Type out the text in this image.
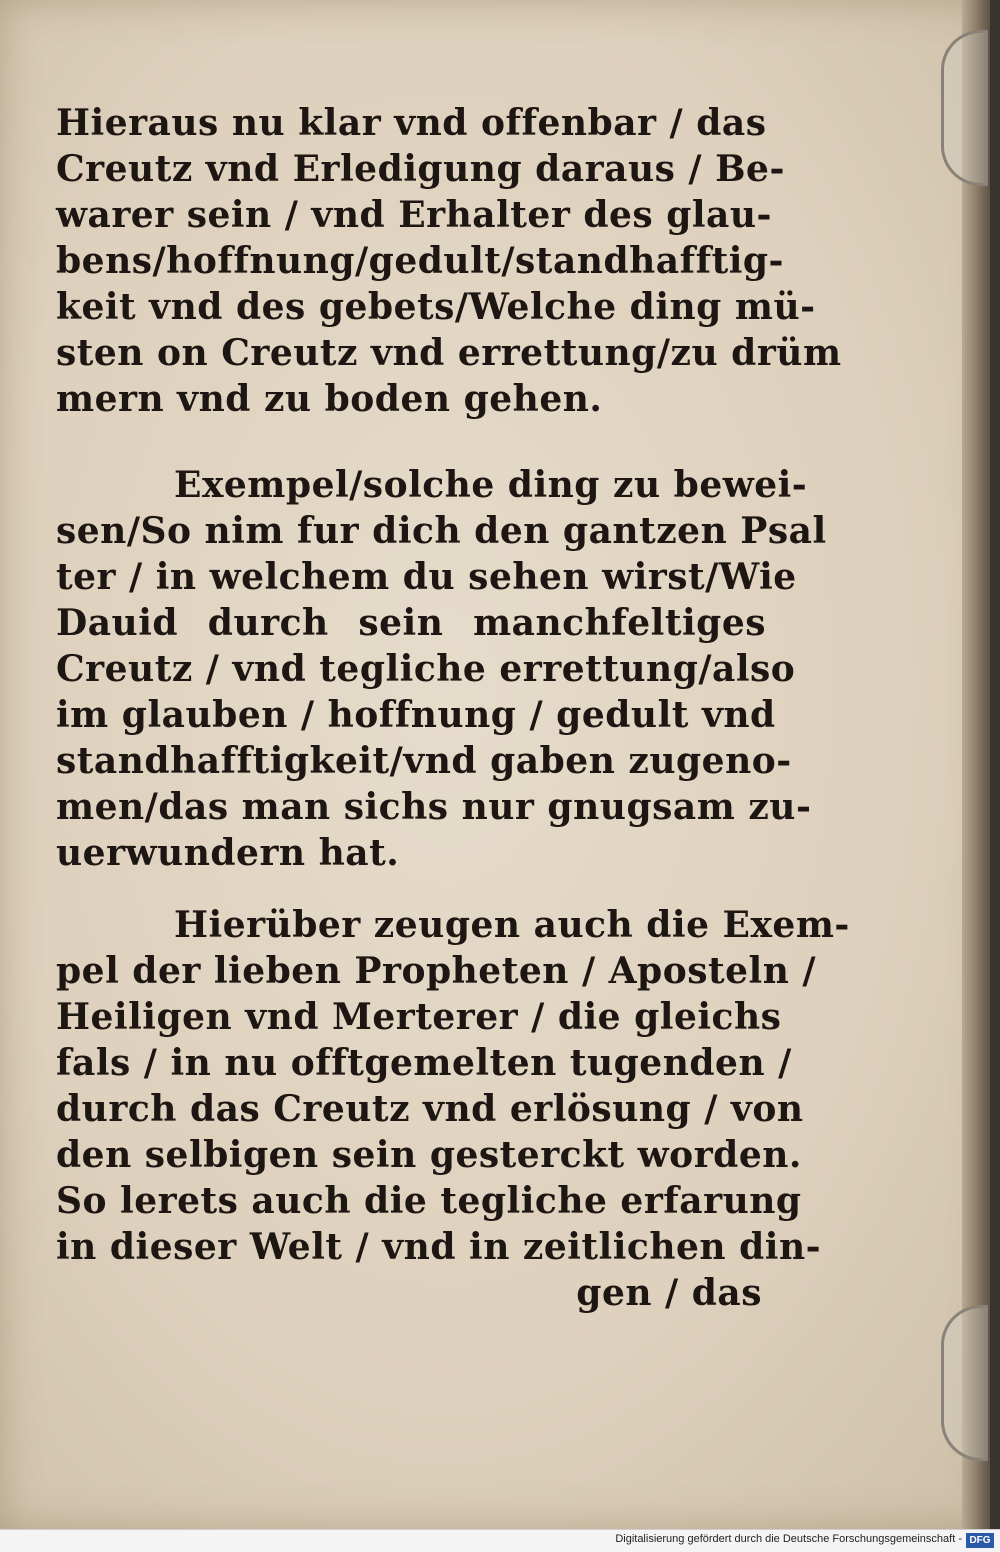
Hieraus nu klar vnd offenbar / das
Creutz vnd Erledigung daraus / Be‑
warer sein / vnd Erhalter des glau‑
bens/hoffnung/gedult/standhafftig‑
keit vnd des gebets/Welche ding mü‑
sten on Creutz vnd errettung/zu drüm
mern vnd zu boden gehen.
Exempel/solche ding zu bewei‑
sen/So nim fur dich den gantzen Psal
ter / in welchem du sehen wirst/Wie
Dauid durch sein manchfeltiges
Creutz / vnd tegliche errettung/also
im glauben / hoffnung / gedult vnd
standhafftigkeit/vnd gaben zugeno‑
men/das man sichs nur gnugsam zu‑
uerwundern hat.
Hierüber zeugen auch die Exem‑
pel der lieben Propheten / Aposteln /
Heiligen vnd Merterer / die gleichs
fals / in nu offtgemelten tugenden /
durch das Creutz vnd erlösung / von
den selbigen sein gesterckt worden.
So lerets auch die tegliche erfarung
in dieser Welt / vnd in zeitlichen din‑
gen / das
Digitalisierung gefördert durch die Deutsche Forschungsgemeinschaft - DFG
